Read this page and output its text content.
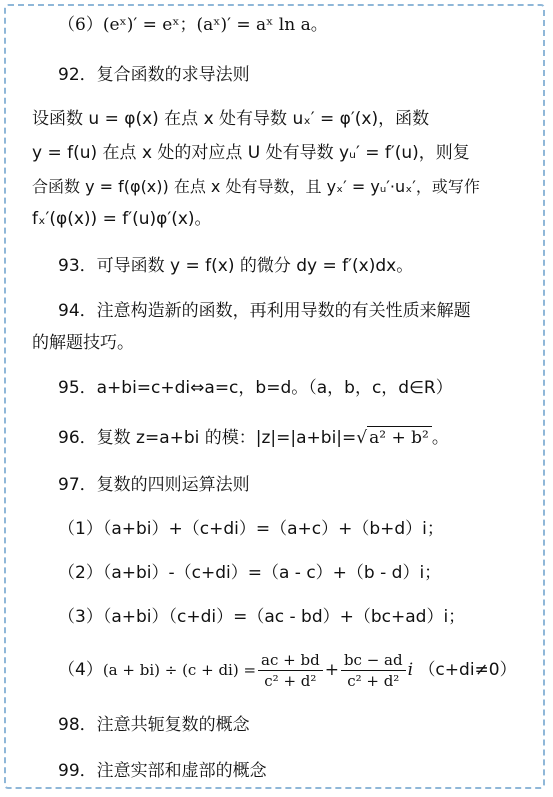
（6）(eˣ)′ = eˣ；(aˣ)′ = aˣ ln a。
92．复合函数的求导法则
设函数 u = φ(x) 在点 x 处有导数 uₓ′ = φ′(x)，函数
y = f(u) 在点 x 处的对应点 U 处有导数 yᵤ′ = f′(u)，则复
合函数 y = f(φ(x)) 在点 x 处有导数，且 yₓ′ = yᵤ′·uₓ′，或写作
fₓ′(φ(x)) = f′(u)φ′(x)。
93．可导函数 y = f(x) 的微分 dy = f′(x)dx。
94．注意构造新的函数，再利用导数的有关性质来解题
的解题技巧。
95．a+bi=c+di⇔a=c，b=d。（a，b，c，d∈R）
96．复数 z=a+bi 的模：|z|=|a+bi|=√ a² + b² 。
97．复数的四则运算法则
（1）（a+bi）+（c+di）=（a+c）+（b+d）i；
（2）（a+bi）-（c+di）=（a - c）+（b - d）i；
（3）（a+bi）（c+di）=（ac - bd）+（bc+ad）i；
$(4)(a + bi) \div (c + di) = \frac{ac + bd}{\text{c² + d²}} + \frac{bc - ad}{\text{c² + d²}}$ i （c+di≠0）
98．注意共轭复数的概念
99．注意实部和虚部的概念
